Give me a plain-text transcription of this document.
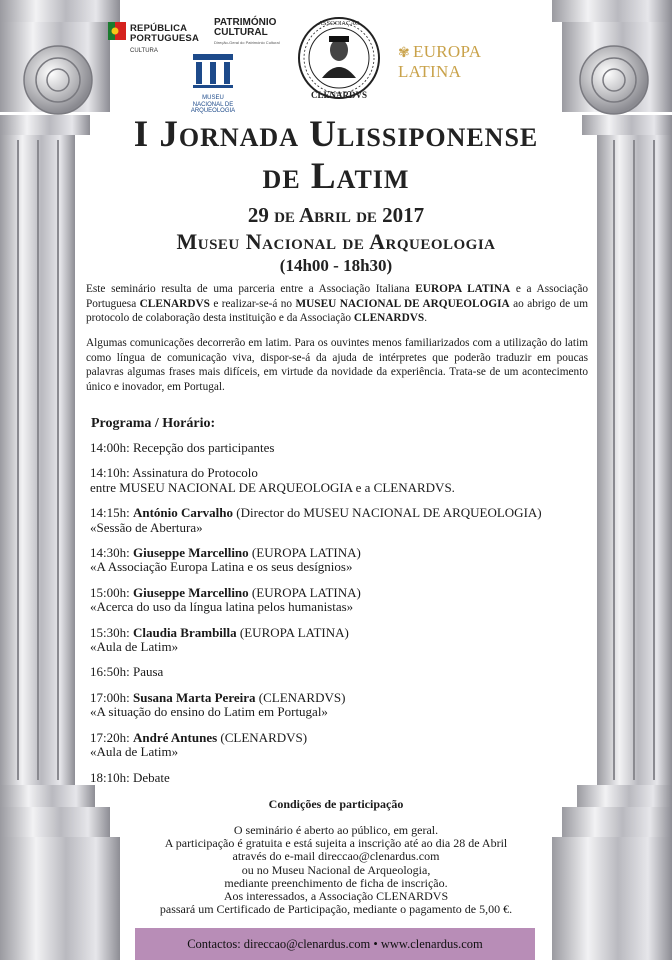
REPÚBLICA
PORTUGUESA
CULTURA
PATRIMÓNIO
CULTURAL
Direção-Geral do Património Cultural
MUSEU
NACIONAL DE
ARQUEOLOGIA
ASSOCIAÇÃO
CLENARDVS
✾ EUROPA LATINA
I Jornada Ulissiponense
de Latim
29 de Abril de 2017
Museu Nacional de Arqueologia
(14h00 - 18h30)
Este seminário resulta de uma parceria entre a Associação Italiana EUROPA LATINA e a Associação Portuguesa CLENARDVS e realizar-se-á no MUSEU NACIONAL DE ARQUEOLOGIA ao abrigo de um protocolo de colaboração desta instituição e da Associação CLENARDVS.
Algumas comunicações decorrerão em latim. Para os ouvintes menos familiarizados com a utilização do latim como língua de comunicação viva, dispor-se-á da ajuda de intérpretes que poderão traduzir em poucas palavras algumas frases mais difíceis, em virtude da novidade da experiência. Trata-se de um acontecimento único e inovador, em Portugal.
Programa / Horário:
14:00h: Recepção dos participantes
14:10h: Assinatura do Protocolo
entre MUSEU NACIONAL DE ARQUEOLOGIA e a CLENARDVS.
14:15h: António Carvalho (Director do MUSEU NACIONAL DE ARQUEOLOGIA)
«Sessão de Abertura»
14:30h: Giuseppe Marcellino (EUROPA LATINA)
«A Associação Europa Latina e os seus desígnios»
15:00h: Giuseppe Marcellino (EUROPA LATINA)
«Acerca do uso da língua latina pelos humanistas»
15:30h: Claudia Brambilla (EUROPA LATINA)
«Aula de Latim»
16:50h: Pausa
17:00h: Susana Marta Pereira (CLENARDVS)
«A situação do ensino do Latim em Portugal»
17:20h: André Antunes (CLENARDVS)
«Aula de Latim»
18:10h: Debate
Condições de participação
O seminário é aberto ao público, em geral.
A participação é gratuita e está sujeita a inscrição até ao dia 28 de Abril
através do e-mail direccao@clenardus.com
ou no Museu Nacional de Arqueologia,
mediante preenchimento de ficha de inscrição.
Aos interessados, a Associação CLENARDVS
passará um Certificado de Participação, mediante o pagamento de 5,00 €.
Contactos: direccao@clenardus.com • www.clenardus.com
